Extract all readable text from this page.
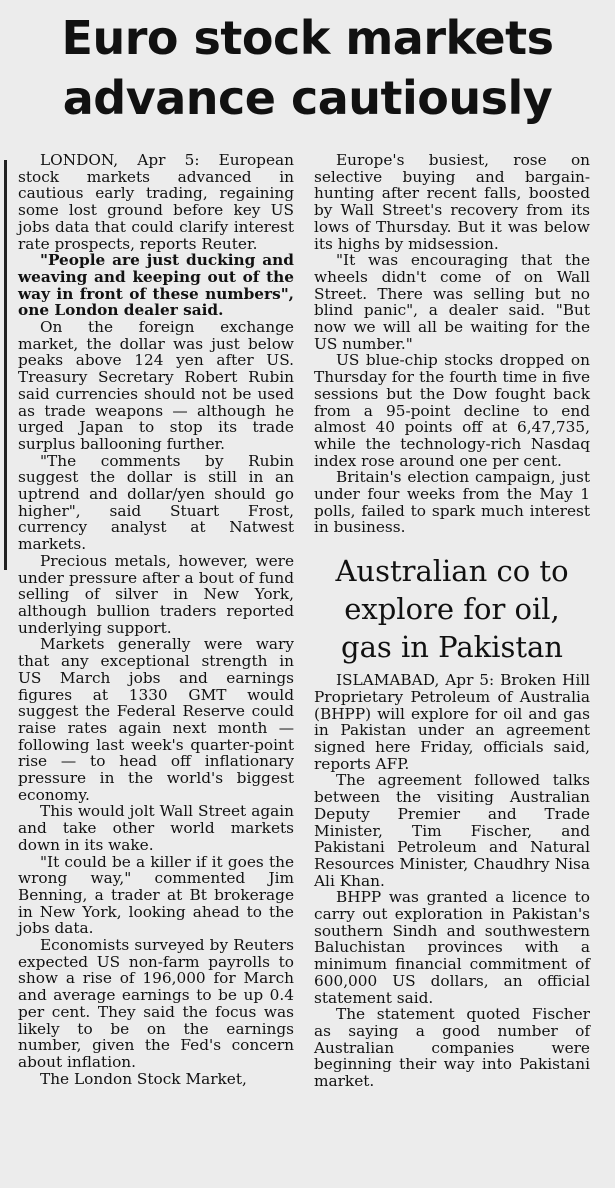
Euro stock markets
advance cautiously

LONDON, Apr 5: European stock markets advanced in cautious early trading, regaining some lost ground before key US jobs data that could clarify interest rate prospects, reports Reuter.

"People are just ducking and weaving and keeping out of the way in front of these numbers", one London dealer said.

On the foreign exchange market, the dollar was just below peaks above 124 yen after US. Treasury Secretary Robert Rubin said currencies should not be used as trade weapons — although he urged Japan to stop its trade surplus ballooning further.

"The comments by Rubin suggest the dollar is still in an uptrend and dollar/yen should go higher", said Stuart Frost, currency analyst at Natwest markets.

Precious metals, however, were under pressure after a bout of fund selling of silver in New York, although bullion traders reported underlying support.

Markets generally were wary that any exceptional strength in US March jobs and earnings figures at 1330 GMT would suggest the Federal Reserve could raise rates again next month — following last week's quarter-point rise — to head off inflationary pressure in the world's biggest economy.

This would jolt Wall Street again and take other world markets down in its wake.

"It could be a killer if it goes the wrong way," commented Jim Benning, a trader at Bt brokerage in New York, looking ahead to the jobs data.

Economists surveyed by Reuters expected US non-farm payrolls to show a rise of 196,000 for March and average earnings to be up 0.4 per cent. They said the focus was likely to be on the earnings number, given the Fed's concern about inflation.

The London Stock Market,

Europe's busiest, rose on selective buying and bargain-hunting after recent falls, boosted by Wall Street's recovery from its lows of Thursday. But it was below its highs by midsession.

"It was encouraging that the wheels didn't come of on Wall Street. There was selling but no blind panic", a dealer said. "But now we will all be waiting for the US number."

US blue-chip stocks dropped on Thursday for the fourth time in five sessions but the Dow fought back from a 95-point decline to end almost 40 points off at 6,47,735, while the technology-rich Nasdaq index rose around one per cent.

Britain's election campaign, just under four weeks from the May 1 polls, failed to spark much interest in business.

Australian co to
explore for oil,
gas in Pakistan

ISLAMABAD, Apr 5: Broken Hill Proprietary Petroleum of Australia (BHPP) will explore for oil and gas in Pakistan under an agreement signed here Friday, officials said, reports AFP.

The agreement followed talks between the visiting Australian Deputy Premier and Trade Minister, Tim Fischer, and Pakistani Petroleum and Natural Resources Minister, Chaudhry Nisa Ali Khan.

BHPP was granted a licence to carry out exploration in Pakistan's southern Sindh and southwestern Baluchistan provinces with a minimum financial commitment of 600,000 US dollars, an official statement said.

The statement quoted Fischer as saying a good number of Australian companies were beginning their way into Pakistani market.
